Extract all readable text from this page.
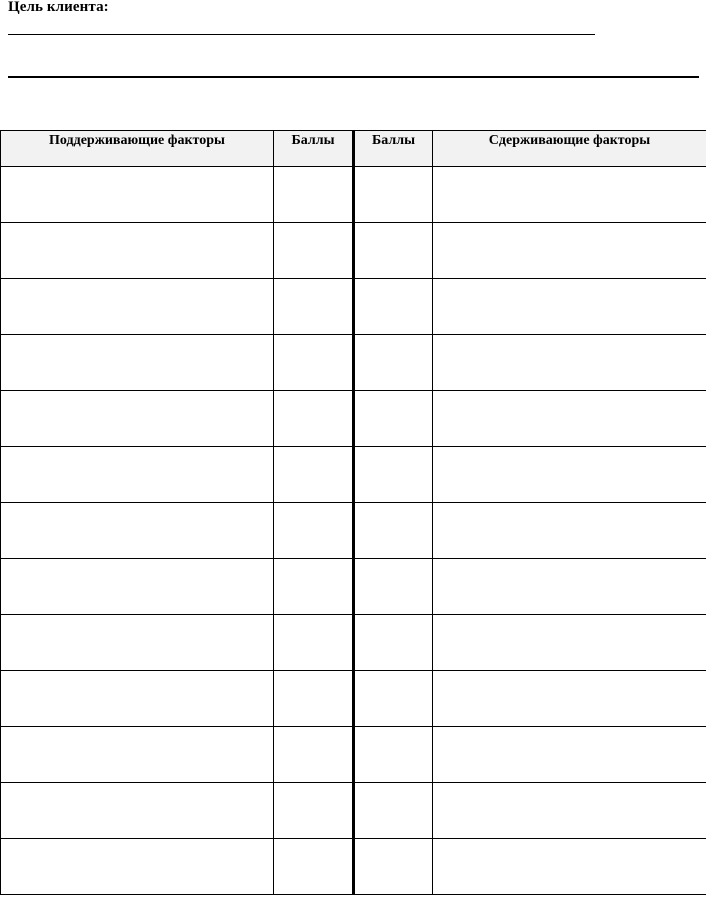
Цель клиента:
Поддерживающие факторы	Баллы	Баллы	Сдерживающие факторы
